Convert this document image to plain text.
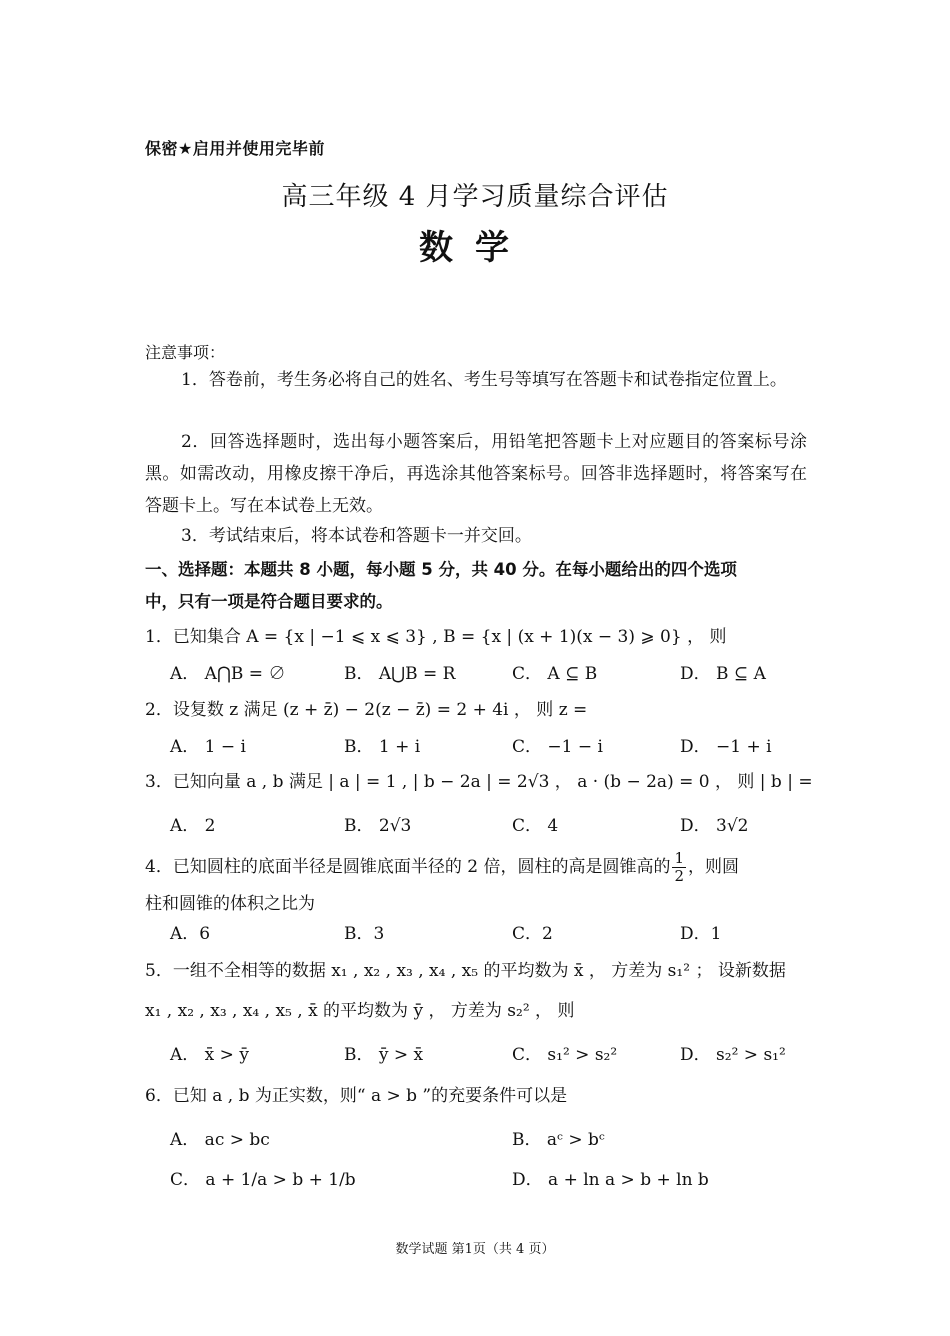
保密★启用并使用完毕前
高三年级 4 月学习质量综合评估
数学
注意事项：
1．答卷前，考生务必将自己的姓名、考生号等填写在答题卡和试卷指定位置上。
2．回答选择题时，选出每小题答案后，用铅笔把答题卡上对应题目的答案标号涂黑。如需改动，用橡皮擦干净后，再选涂其他答案标号。回答非选择题时，将答案写在答题卡上。写在本试卷上无效。
3．考试结束后，将本试卷和答题卡一并交回。
一、选择题：本题共 8 小题，每小题 5 分，共 40 分。在每小题给出的四个选项
中，只有一项是符合题目要求的。
1．已知集合 A = {x | −1 ⩽ x ⩽ 3} , B = {x | (x + 1)(x − 3) ⩾ 0} ， 则
A． A⋂B = ∅	B． A⋃B = R	C． A ⊆ B	D． B ⊆ A
2．设复数 z 满足 (z + z̄) − 2(z − z̄) = 2 + 4i ， 则 z =
A． 1 − i	B． 1 + i	C． −1 − i	D． −1 + i
3．已知向量 a , b 满足 | a | = 1 , | b − 2a | = 2√3 ， a · (b − 2a) = 0 ， 则 | b | =
A． 2	B． 2√3	C． 4	D． 3√2
4．已知圆柱的底面半径是圆锥底面半径的 2 倍，圆柱的高是圆锥高的 $\frac{1}{2}$ ，则圆
柱和圆锥的体积之比为
A．6	B．3	C．2	D．1
5．一组不全相等的数据 x₁ , x₂ , x₃ , x₄ , x₅ 的平均数为 x̄ ， 方差为 s₁² ； 设新数据
x₁ , x₂ , x₃ , x₄ , x₅ , x̄ 的平均数为 ȳ ， 方差为 s₂² ， 则
A． x̄ > ȳ	B． ȳ > x̄	C． s₁² > s₂²	D． s₂² > s₁²
6．已知 a , b 为正实数，则“ a > b ”的充要条件可以是
A． ac > bc	B． aᶜ > bᶜ
C． a + 1/a > b + 1/b	D． a + ln a > b + ln b
数学试题 第1页（共 4 页）
